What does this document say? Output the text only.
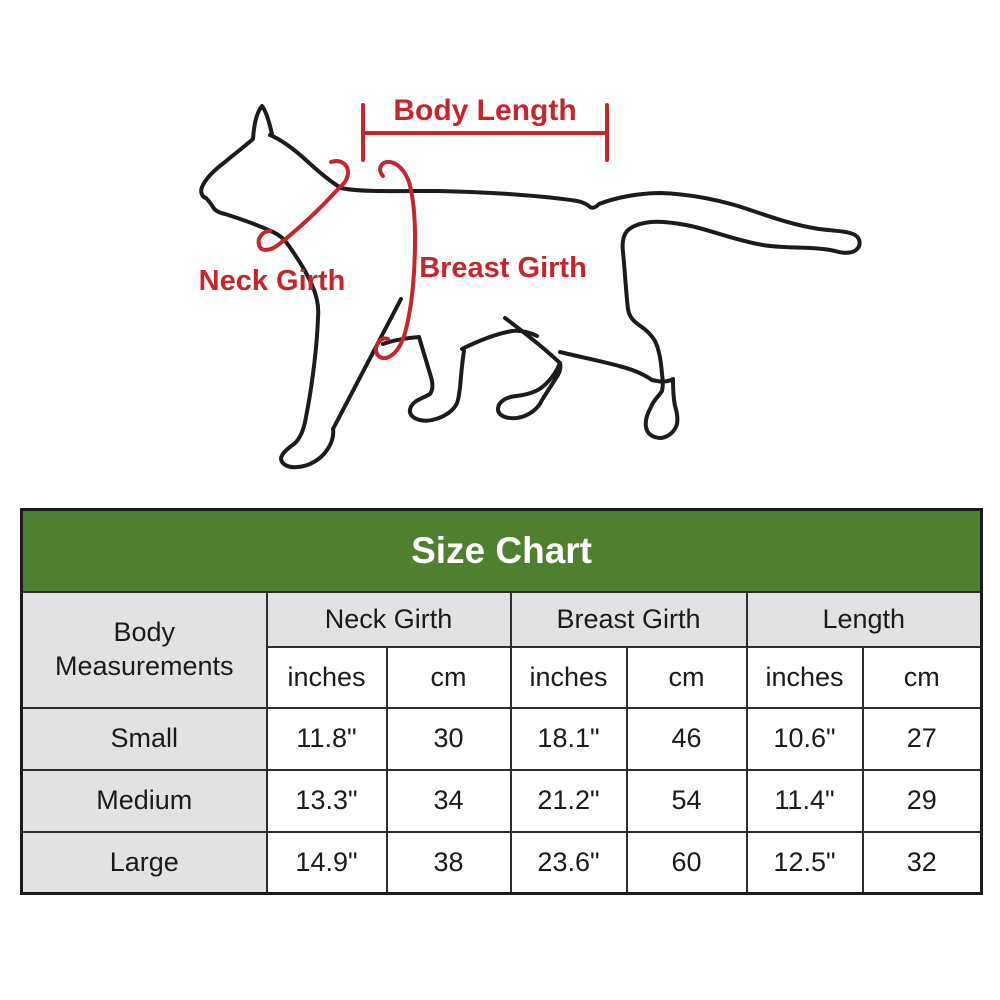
Body Length
Neck Girth	Breast Girth
Size Chart						

Body Measurements	Neck Girth		Breast Girth		Length	
	inches	cm	inches	cm	inches	cm
Small	11.8"	30	18.1"	46	10.6"	27
Medium	13.3"	34	21.2"	54	11.4"	29
Large	14.9"	38	23.6"	60	12.5"	32
